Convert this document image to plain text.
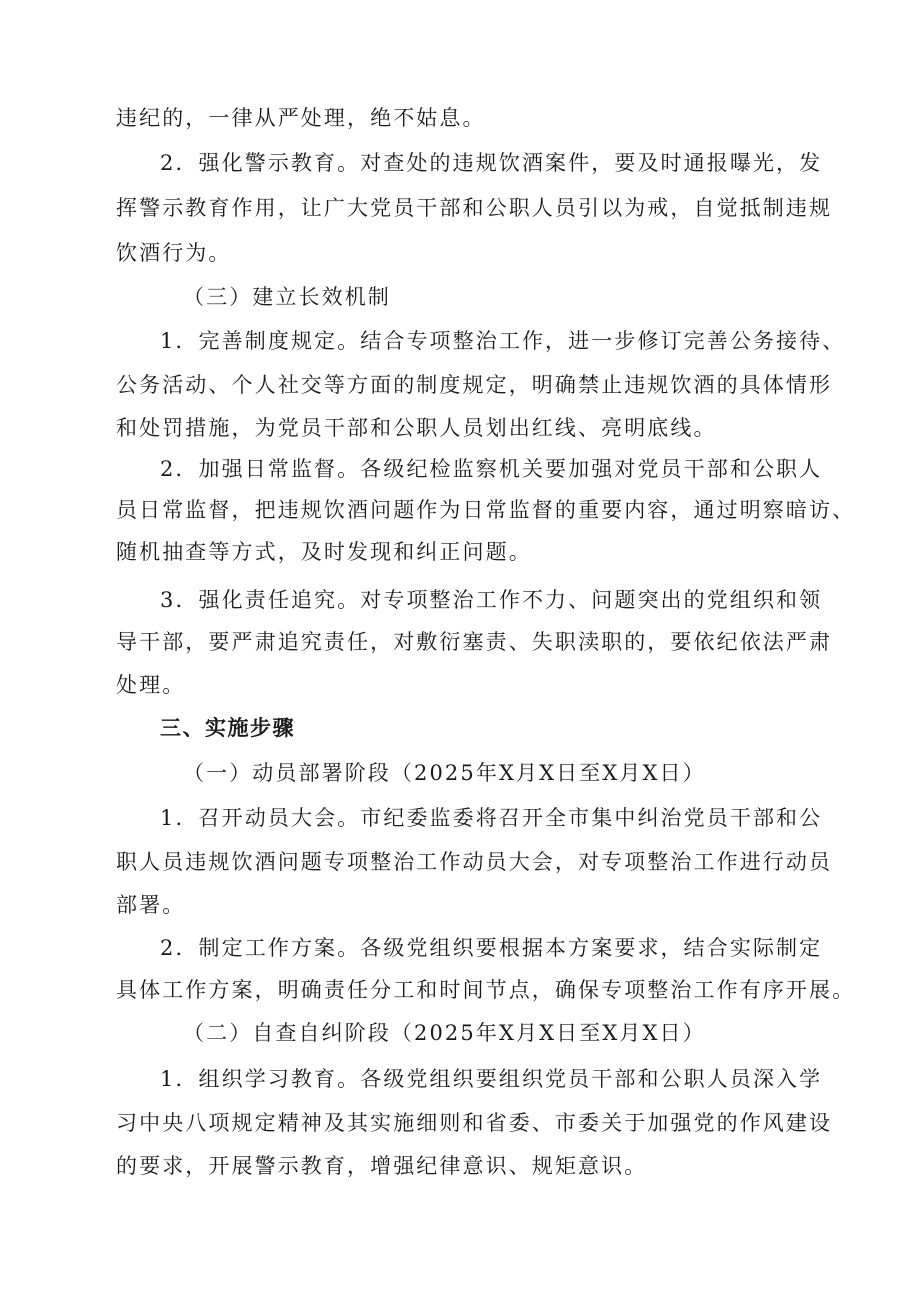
违纪的，一律从严处理，绝不姑息。
2．强化警示教育。对查处的违规饮酒案件，要及时通报曝光，发
挥警示教育作用，让广大党员干部和公职人员引以为戒，自觉抵制违规
饮酒行为。
（三）建立长效机制
1．完善制度规定。结合专项整治工作，进一步修订完善公务接待、
公务活动、个人社交等方面的制度规定，明确禁止违规饮酒的具体情形
和处罚措施，为党员干部和公职人员划出红线、亮明底线。
2．加强日常监督。各级纪检监察机关要加强对党员干部和公职人
员日常监督，把违规饮酒问题作为日常监督的重要内容，通过明察暗访、
随机抽查等方式，及时发现和纠正问题。
3．强化责任追究。对专项整治工作不力、问题突出的党组织和领
导干部，要严肃追究责任，对敷衍塞责、失职渎职的，要依纪依法严肃
处理。
三、实施步骤
（一）动员部署阶段（2025年X月X日至X月X日）
1．召开动员大会。市纪委监委将召开全市集中纠治党员干部和公
职人员违规饮酒问题专项整治工作动员大会，对专项整治工作进行动员
部署。
2．制定工作方案。各级党组织要根据本方案要求，结合实际制定
具体工作方案，明确责任分工和时间节点，确保专项整治工作有序开展。
（二）自查自纠阶段（2025年X月X日至X月X日）
1．组织学习教育。各级党组织要组织党员干部和公职人员深入学
习中央八项规定精神及其实施细则和省委、市委关于加强党的作风建设
的要求，开展警示教育，增强纪律意识、规矩意识。
